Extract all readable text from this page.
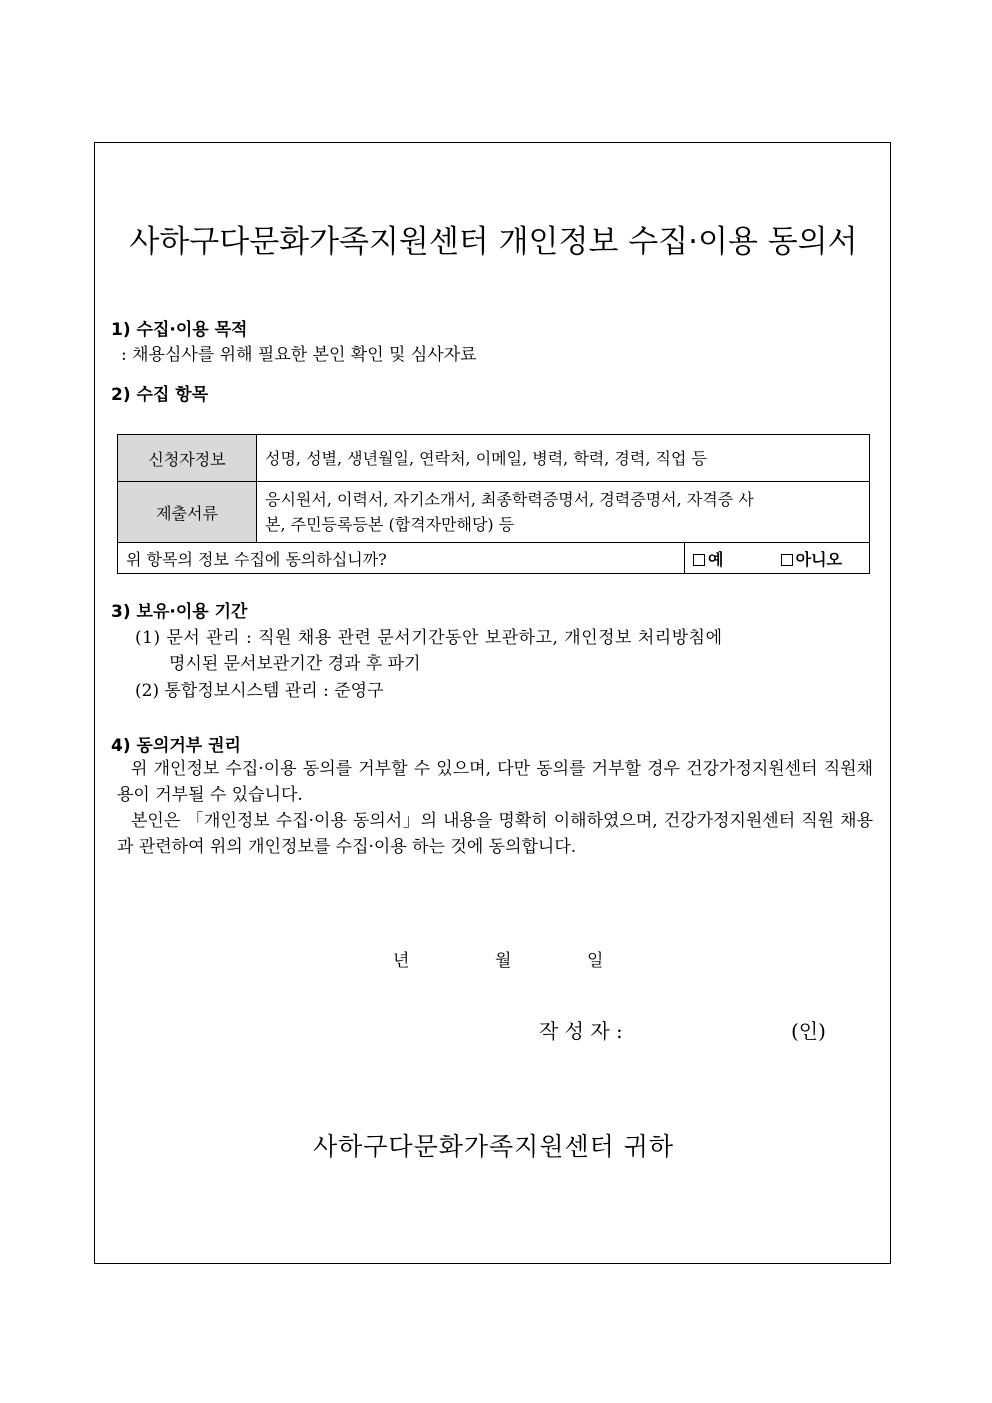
사하구다문화가족지원센터 개인정보 수집·이용 동의서
1) 수집·이용 목적
: 채용심사를 위해 필요한 본인 확인 및 심사자료
2) 수집 항목
신청자정보	성명, 성별, 생년월일, 연락처, 이메일, 병력, 학력, 경력, 직업 등	
제출서류	응시원서, 이력서, 자기소개서, 최종학력증명서, 경력증명서, 자격증 사
본, 주민등록등본 (합격자만해당) 등	

위 항목의 정보 수집에 동의하십니까?		예 아니오
3) 보유·이용 기간
(1) 문서 관리 : 직원 채용 관련 문서기간동안 보관하고, 개인정보 처리방침에
명시된 문서보관기간 경과 후 파기
(2) 통합정보시스템 관리 : 준영구
4) 동의거부 권리
위 개인정보 수집·이용 동의를 거부할 수 있으며, 다만 동의를 거부할 경우 건강가정지원센터 직원채용이 거부될 수 있습니다.
본인은 「개인정보 수집·이용 동의서」의 내용을 명확히 이해하였으며, 건강가정지원센터 직원 채용과 관련하여 위의 개인정보를 수집·이용 하는 것에 동의합니다.
년	월	일
작 성 자 :	(인)
사하구다문화가족지원센터 귀하
